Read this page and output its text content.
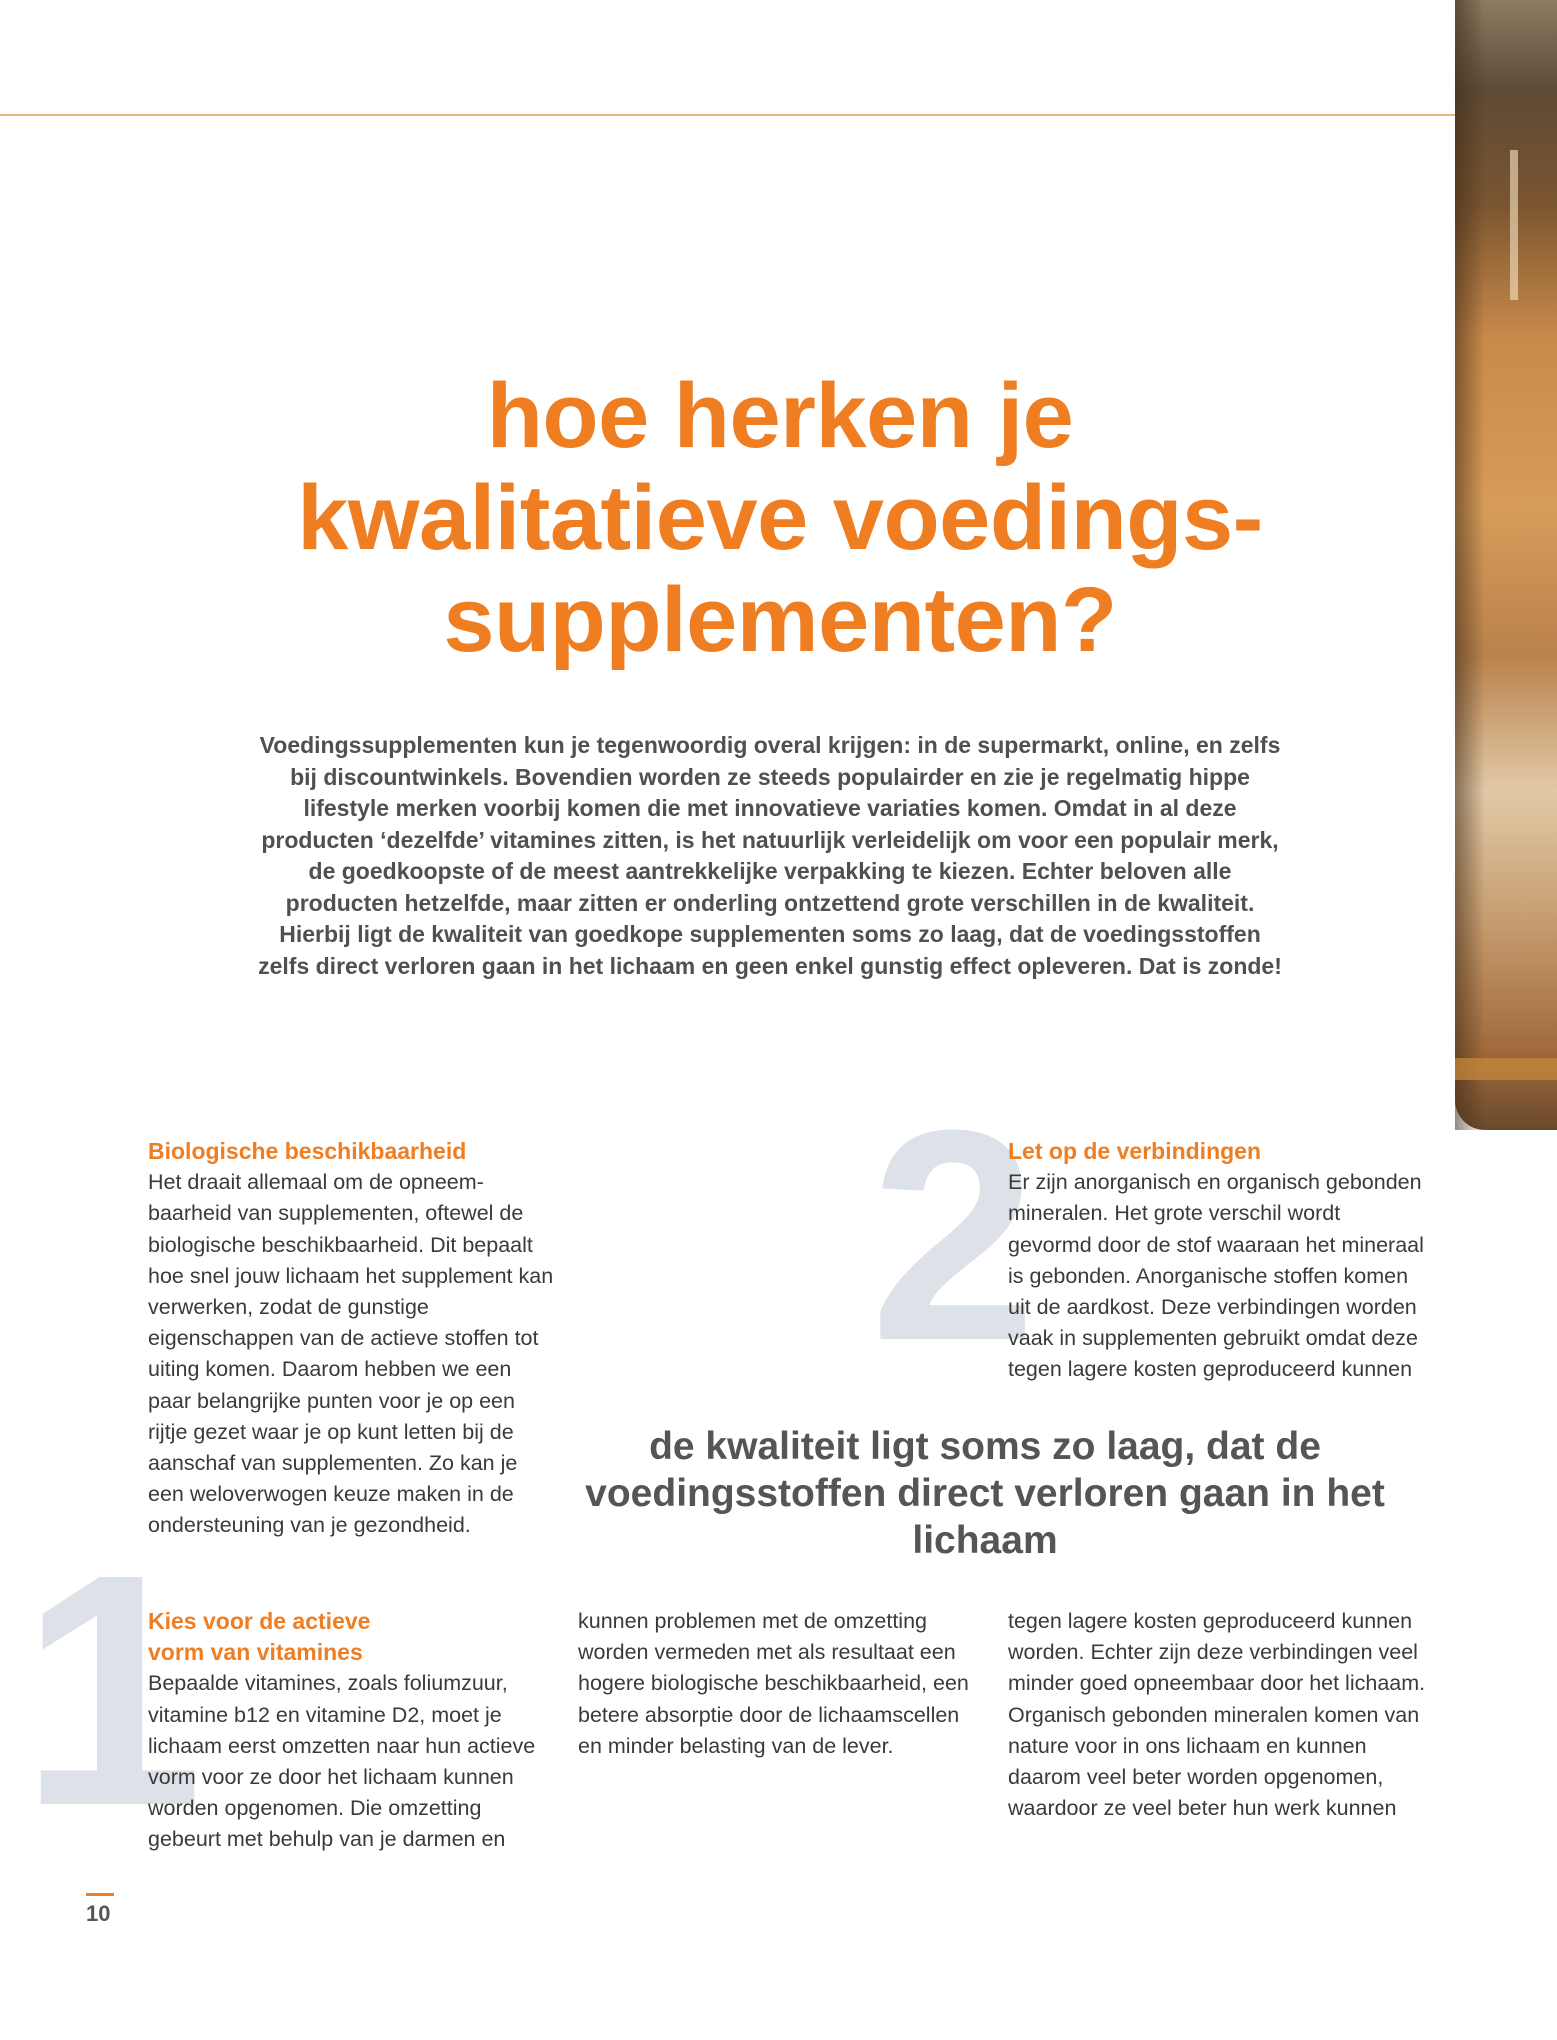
hoe herken je
kwalitatieve voedings-
supplementen?

Voedingssupplementen kun je tegenwoordig overal krijgen: in de supermarkt, online, en zelfs bij discountwinkels. Bovendien worden ze steeds populairder en zie je regelmatig hippe lifestyle merken voorbij komen die met innovatieve variaties komen. Omdat in al deze producten ‘dezelfde’ vitamines zitten, is het natuurlijk verleidelijk om voor een populair merk, de goedkoopste of de meest aantrekkelijke verpakking te kiezen. Echter beloven alle producten hetzelfde, maar zitten er onderling ontzettend grote verschillen in de kwaliteit. Hierbij ligt de kwaliteit van goedkope supplementen soms zo laag, dat de voedingsstoffen zelfs direct verloren gaan in het lichaam en geen enkel gunstig effect opleveren. Dat is zonde!

1
2
Biologische beschikbaarheid

Het draait allemaal om de opneembaarheid van supplementen, oftewel de biologische beschikbaarheid. Dit bepaalt hoe snel jouw lichaam het supplement kan verwerken, zodat de gunstige eigenschappen van de actieve stoffen tot uiting komen. Daarom hebben we een paar belangrijke punten voor je op een rijtje gezet waar je op kunt letten bij de aanschaf van supplementen. Zo kan je een weloverwogen keuze maken in de ondersteuning van je gezondheid.

Kies voor de actieve vorm van vitamines

Bepaalde vitamines, zoals foliumzuur, vitamine b12 en vitamine D2, moet je lichaam eerst omzetten naar hun actieve vorm voor ze door het lichaam kunnen worden opgenomen. Die omzetting gebeurt met behulp van je darmen en

kunnen problemen met de omzetting worden vermeden met als resultaat een hogere biologische beschikbaarheid, een betere absorptie door de lichaamscellen en minder belasting van de lever.

Let op de verbindingen

Er zijn anorganisch en organisch gebonden mineralen. Het grote verschil wordt gevormd door de stof waaraan het mineraal is gebonden. Anorganische stoffen komen uit de aardkost. Deze verbindingen worden vaak in supplementen gebruikt omdat deze tegen lagere kosten geproduceerd kunnen

tegen lagere kosten geproduceerd kunnen worden. Echter zijn deze verbindingen veel minder goed opneembaar door het lichaam. Organisch gebonden mineralen komen van nature voor in ons lichaam en kunnen daarom veel beter worden opgenomen, waardoor ze veel beter hun werk kunnen

de kwaliteit ligt soms zo laag, dat de voedingsstoffen direct verloren gaan in het lichaam

10
